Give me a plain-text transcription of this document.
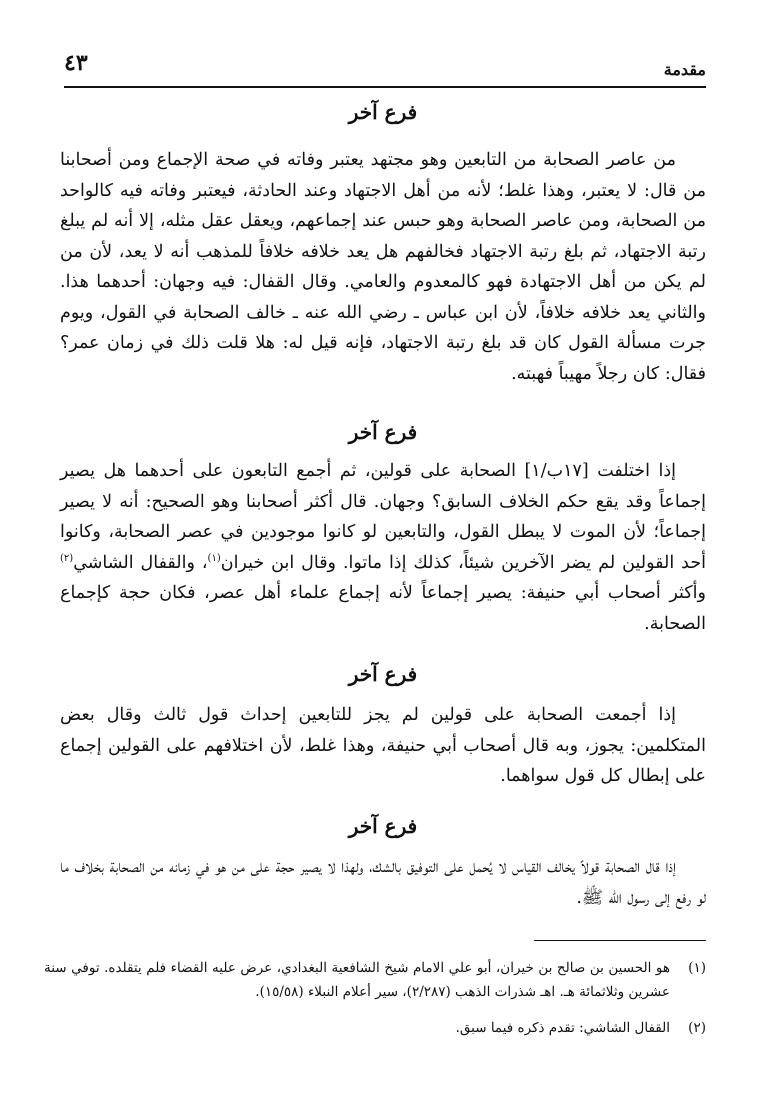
مقدمة
٤٣
فرع آخر

من عاصر الصحابة من التابعين وهو مجتهد يعتبر وفاته في صحة الإجماع ومن أصحابنا من قال: لا يعتبر، وهذا غلط؛ لأنه من أهل الاجتهاد وعند الحادثة، فيعتبر وفاته فيه كالواحد من الصحابة، ومن عاصر الصحابة وهو حبس عند إجماعهم، ويعقل عقل مثله، إلا أنه لم يبلغ رتبة الاجتهاد، ثم بلغ رتبة الاجتهاد فخالفهم هل يعد خلافه خلافاً للمذهب أنه لا يعد، لأن من لم يكن من أهل الاجتهادة فهو كالمعدوم والعامي. وقال القفال: فيه وجهان: أحدهما هذا. والثاني يعد خلافه خلافاً، لأن ابن عباس ـ رضي الله عنه ـ خالف الصحابة في القول، ويوم جرت مسألة القول كان قد بلغ رتبة الاجتهاد، فإنه قيل له: هلا قلت ذلك في زمان عمر؟ فقال: كان رجلاً مهيباً فهبته.

فرع آخر

إذا اختلفت [١٧ب/١] الصحابة على قولين، ثم أجمع التابعون على أحدهما هل يصير إجماعاً وقد يقع حكم الخلاف السابق؟ وجهان. قال أكثر أصحابنا وهو الصحيح: أنه لا يصير إجماعاً؛ لأن الموت لا يبطل القول، والتابعين لو كانوا موجودين في عصر الصحابة، وكانوا أحد القولين لم يضر الآخرين شيئاً، كذلك إذا ماتوا. وقال ابن خيران$^{(١)}$، والقفال الشاشي$^{(٢)}$ وأكثر أصحاب أبي حنيفة: يصير إجماعاً لأنه إجماع علماء أهل عصر، فكان حجة كإجماع الصحابة.

فرع آخر

إذا أجمعت الصحابة على قولين لم يجز للتابعين إحداث قول ثالث وقال بعض المتكلمين: يجوز، وبه قال أصحاب أبي حنيفة، وهذا غلط، لأن اختلافهم على القولين إجماع على إبطال كل قول سواهما.

فرع آخر

إذا قال الصحابة قولاً يخالف القياس لا يُحمل على التوفيق بالشك، ولهذا لا يصير حجة على من هو في زمانه من الصحابة بخلاف ما لو رفع إلى رسول الله ﷺ.

(١)
هو الحسين بن صالح بن خيران، أبو علي الامام شيخ الشافعية البغدادي، عرض عليه القضاء فلم يتقلده. توفي سنة عشرين وثلاثمائة هـ. اهـ شذرات الذهب (٢/٢٨٧)، سير أعلام النبلاء (١٥/٥٨).
(٢)
القفال الشاشي: تقدم ذكره فيما سبق.
